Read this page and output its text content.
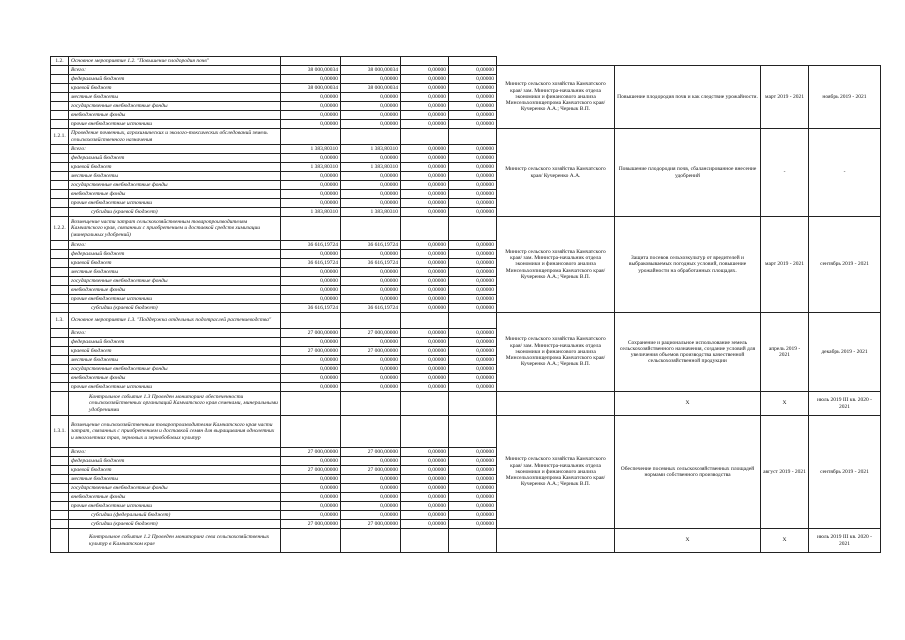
1.2.	Основное мероприятие 1.2. "Повышение плодородия почв"								
	Всего:	38 000,00034	38 000,00034	0,00000	0,00000	Министр сельского хозяйства Камчатского края/ зам. Министра-начальник отдела экономики и финансового анализа Минсельхозпищепрома Камчатского края/ Кучеренко А.А.; Чернык В.П.	Повышение плодородия почв и как следствие урожайности.	март 2019 - 2021	ноябрь 2019 - 2021
	федеральный бюджет	0,00000	0,00000	0,00000	0,00000				
	краевой бюджет	38 000,00034	38 000,00034	0,00000	0,00000				
	местные бюджеты	0,00000	0,00000	0,00000	0,00000				
	государственные внебюджетные фонды	0,00000	0,00000	0,00000	0,00000				
	внебюджетные фонды	0,00000	0,00000	0,00000	0,00000				
	прочие внебюджетные источники	0,00000	0,00000	0,00000	0,00000				
1.2.1.	Проведение почвенных, агрохимических и эколого-токсических обследований земель сельскохозяйственного назначения					Министр сельского хозяйства Камчатского края/ Кучеренко А.А.	Повышение плодородия почв, сбалансированное внесение удобрений	-	-
	Всего:	1 383,80310	1 383,80310	0,00000	0,00000				
	федеральный бюджет	0,00000	0,00000	0,00000	0,00000				
	краевой бюджет	1 383,80310	1 383,80310	0,00000	0,00000				
	местные бюджеты	0,00000	0,00000	0,00000	0,00000				
	государственные внебюджетные фонды	0,00000	0,00000	0,00000	0,00000				
	внебюджетные фонды	0,00000	0,00000	0,00000	0,00000				
	прочие внебюджетные источники	0,00000	0,00000	0,00000	0,00000				
	субсидии (краевой бюджет)	1 383,80310	1 383,80310	0,00000	0,00000				
1.2.2.	Возмещение части затрат сельскохозяйственным товаропроизводителям Камчатского края, связанных с приобретением и доставкой средств химизации (минеральных удобрений)					Министр сельского хозяйства Камчатского края/ зам. Министра-начальник отдела экономики и финансового анализа Минсельхозпищепрома Камчатского края/Кучеренко А.А.; Чернык В.П.	Защита посевов сельхозкультур от вредителей и выбраковываемых погодных условий, повышение урожайности на обработанных площадях.	март 2019 - 2021	сентябрь 2019 - 2021
	Всего:	36 616,19724	36 616,19724	0,00000	0,00000				
	федеральный бюджет	0,00000	0,00000	0,00000	0,00000				
	краевой бюджет	36 616,19724	36 616,19724	0,00000	0,00000				
	местные бюджеты	0,00000	0,00000	0,00000	0,00000				
	государственные внебюджетные фонды	0,00000	0,00000	0,00000	0,00000				
	внебюджетные фонды	0,00000	0,00000	0,00000	0,00000				
	прочие внебюджетные источники	0,00000	0,00000	0,00000	0,00000				
	субсидии (краевой бюджет)	36 616,19724	36 616,19724	0,00000	0,00000				
1.3.	Основное мероприятие 1.3. "Поддержка отдельных подотраслей растениеводства"					Министр сельского хозяйства Камчатского края/ зам. Министра-начальник отдела экономики и финансового анализа Минсельхозпищепрома Камчатского края/Кучеренко А.А.; Чернык В.П.	Сохранение и рациональное использование земель сельскохозяйственного назначения, создание условий для увеличения объемов производства качественной сельскохозяйственной продукции	апрель 2019 - 2021	декабрь 2019 - 2021
	Всего:	27 000,00000	27 000,00000	0,00000	0,00000				
	федеральный бюджет	0,00000	0,00000	0,00000	0,00000				
	краевой бюджет	27 000,00000	27 000,00000	0,00000	0,00000				
	местные бюджеты	0,00000	0,00000	0,00000	0,00000				
	государственные внебюджетные фонды	0,00000	0,00000	0,00000	0,00000				
	внебюджетные фонды	0,00000	0,00000	0,00000	0,00000				
	прочие внебюджетные источники	0,00000	0,00000	0,00000	0,00000				
	Контрольное событие 1.3 Проведен мониторинг обеспеченности сельскохозяйственных организаций Камчатского края семенами, минеральными удобрениями						Х	Х	июль 2019 III кв. 2020 - 2021
1.3.1.	Возмещение сельскохозяйственным товаропроизводителям Камчатского края части затрат, связанных с приобретением и доставкой семян для выращивания однолетних и многолетних трав, зерновых и зернобобовых культур					Министр сельского хозяйства Камчатского края/ зам. Министра-начальник отдела экономики и финансового анализа Минсельхозпищепрома Камчатского края/Кучеренко А.А.; Чернык В.П.	Обеспечение посевных сельскохозяйственных площадей нормами собственного производства	август 2019 - 2021	сентябрь 2019 - 2021
	Всего:	27 000,00000	27 000,00000	0,00000	0,00000				
	федеральный бюджет	0,00000	0,00000	0,00000	0,00000				
	краевой бюджет	27 000,00000	27 000,00000	0,00000	0,00000				
	местные бюджеты	0,00000	0,00000	0,00000	0,00000				
	государственные внебюджетные фонды	0,00000	0,00000	0,00000	0,00000				
	внебюджетные фонды	0,00000	0,00000	0,00000	0,00000				
	прочие внебюджетные источники	0,00000	0,00000	0,00000	0,00000				
	субсидии (федеральный бюджет)	0,00000	0,00000	0,00000	0,00000				
	субсидии (краевой бюджет)	27 000,00000	27 000,00000	0,00000	0,00000				
	Контрольное событие 1.2 Проведен мониторинг сева сельскохозяйственных культур в Камчатском крае						Х	Х	июль 2019 III кв. 2020 - 2021
